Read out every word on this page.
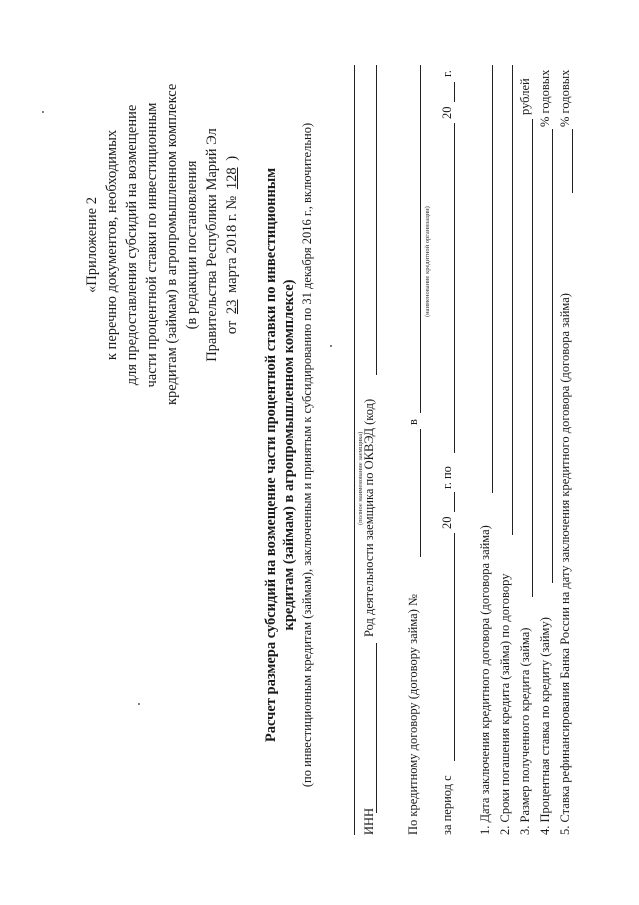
«Приложение 2 к перечню документов, необходимых для предоставления субсидий на возмещение части процентной ставки по инвестиционным кредитам (займам) в агропромышленном комплексе (в редакции постановления Правительства Республики Марий Эл от 23 марта 2018 г. № 128 )
Расчет размера субсидий на возмещение части процентной ставки по инвестиционным кредитам (займам) в агропромышленном комплексе) (по инвестиционным кредитам (займам), заключенным и принятым к субсидированию по 31 декабря 2016 г., включительно)	(полное наименование заемщика)
ИНН
Род деятельности заемщика по ОКВЭД (код)
По кредитному договору (договору займа) №
в
(наименование кредитной организации)
за период с
20
г. по
20
г.
1. Дата заключения кредитного договора (договора займа) 2. Сроки погашения кредита (займа) по договору 3. Размер полученного кредита (займа)
рублей
4. Процентная ставка по кредиту (займу)
% годовых
5. Ставка рефинансирования Банка России на дату заключения кредитного договора (договора займа)
% годовых
